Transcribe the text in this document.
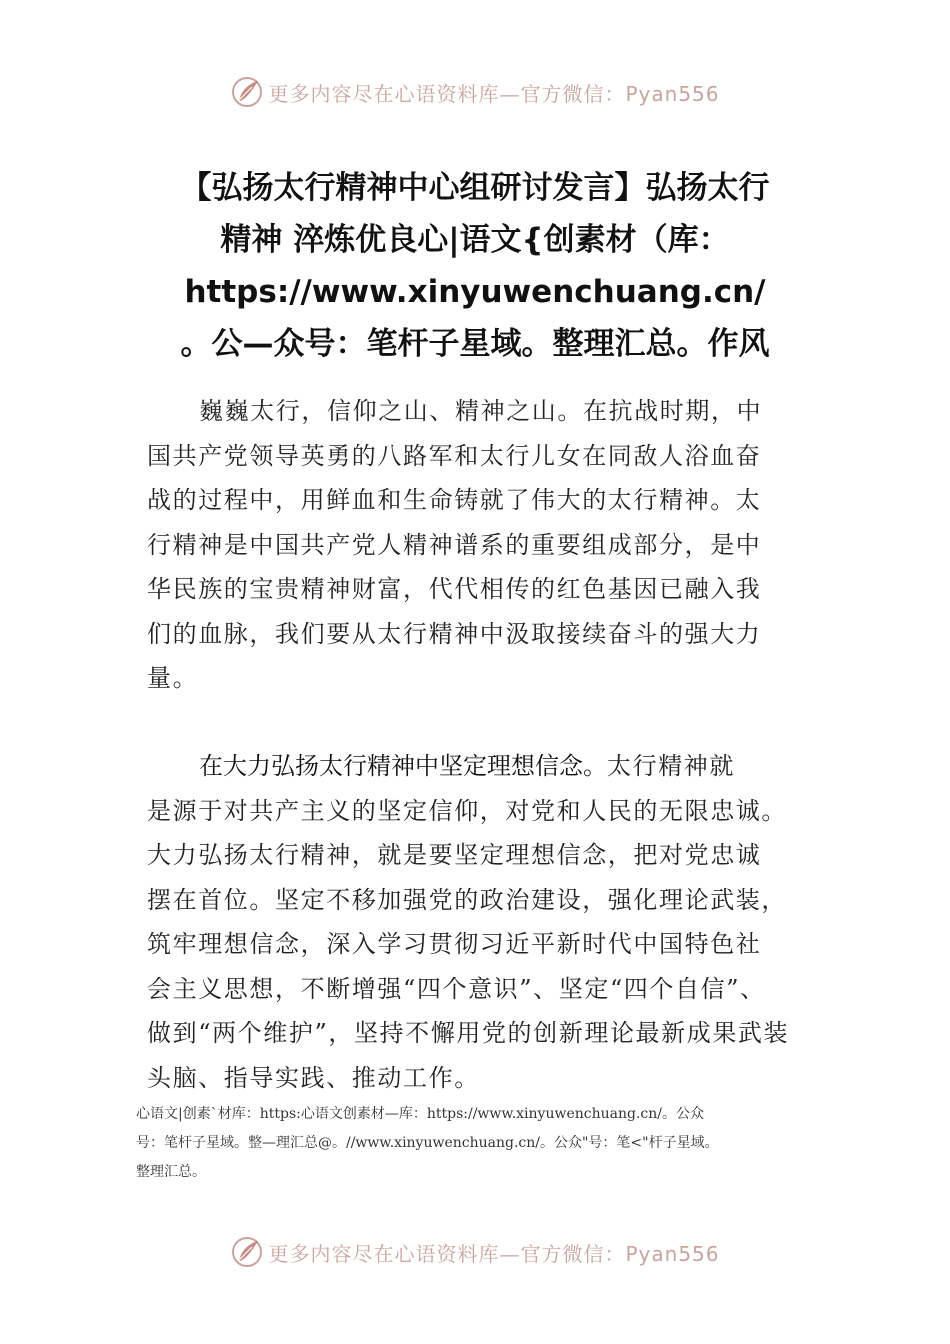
更多内容尽在心语资料库—官方微信：Pyan556
【弘扬太行精神中心组研讨发言】弘扬太行
精神 淬炼优良心|语文{创素材（库：
https://www.xinyuwenchuang.cn/
。公—众号：笔杆子星域。整理汇总。作风
巍巍太行，信仰之山、精神之山。在抗战时期，中
国共产党领导英勇的八路军和太行儿女在同敌人浴血奋
战的过程中，用鲜血和生命铸就了伟大的太行精神。太
行精神是中国共产党人精神谱系的重要组成部分，是中
华民族的宝贵精神财富，代代相传的红色基因已融入我
们的血脉，我们要从太行精神中汲取接续奋斗的强大力
量。
在大力弘扬太行精神中坚定理想信念。太行精神就
是源于对共产主义的坚定信仰，对党和人民的无限忠诚。
大力弘扬太行精神，就是要坚定理想信念，把对党忠诚
摆在首位。坚定不移加强党的政治建设，强化理论武装，
筑牢理想信念，深入学习贯彻习近平新时代中国特色社
会主义思想，不断增强“四个意识”、坚定“四个自信”、
做到“两个维护”，坚持不懈用党的创新理论最新成果武装
头脑、指导实践、推动工作。
心语文|创素`材库：https:心语文创素材—库：https://www.xinyuwenchuang.cn/。公众
号：笔杆子星域。整—理汇总@。//www.xinyuwenchuang.cn/。公众"号：笔<"杆子星域。
整理汇总。
更多内容尽在心语资料库—官方微信：Pyan556
